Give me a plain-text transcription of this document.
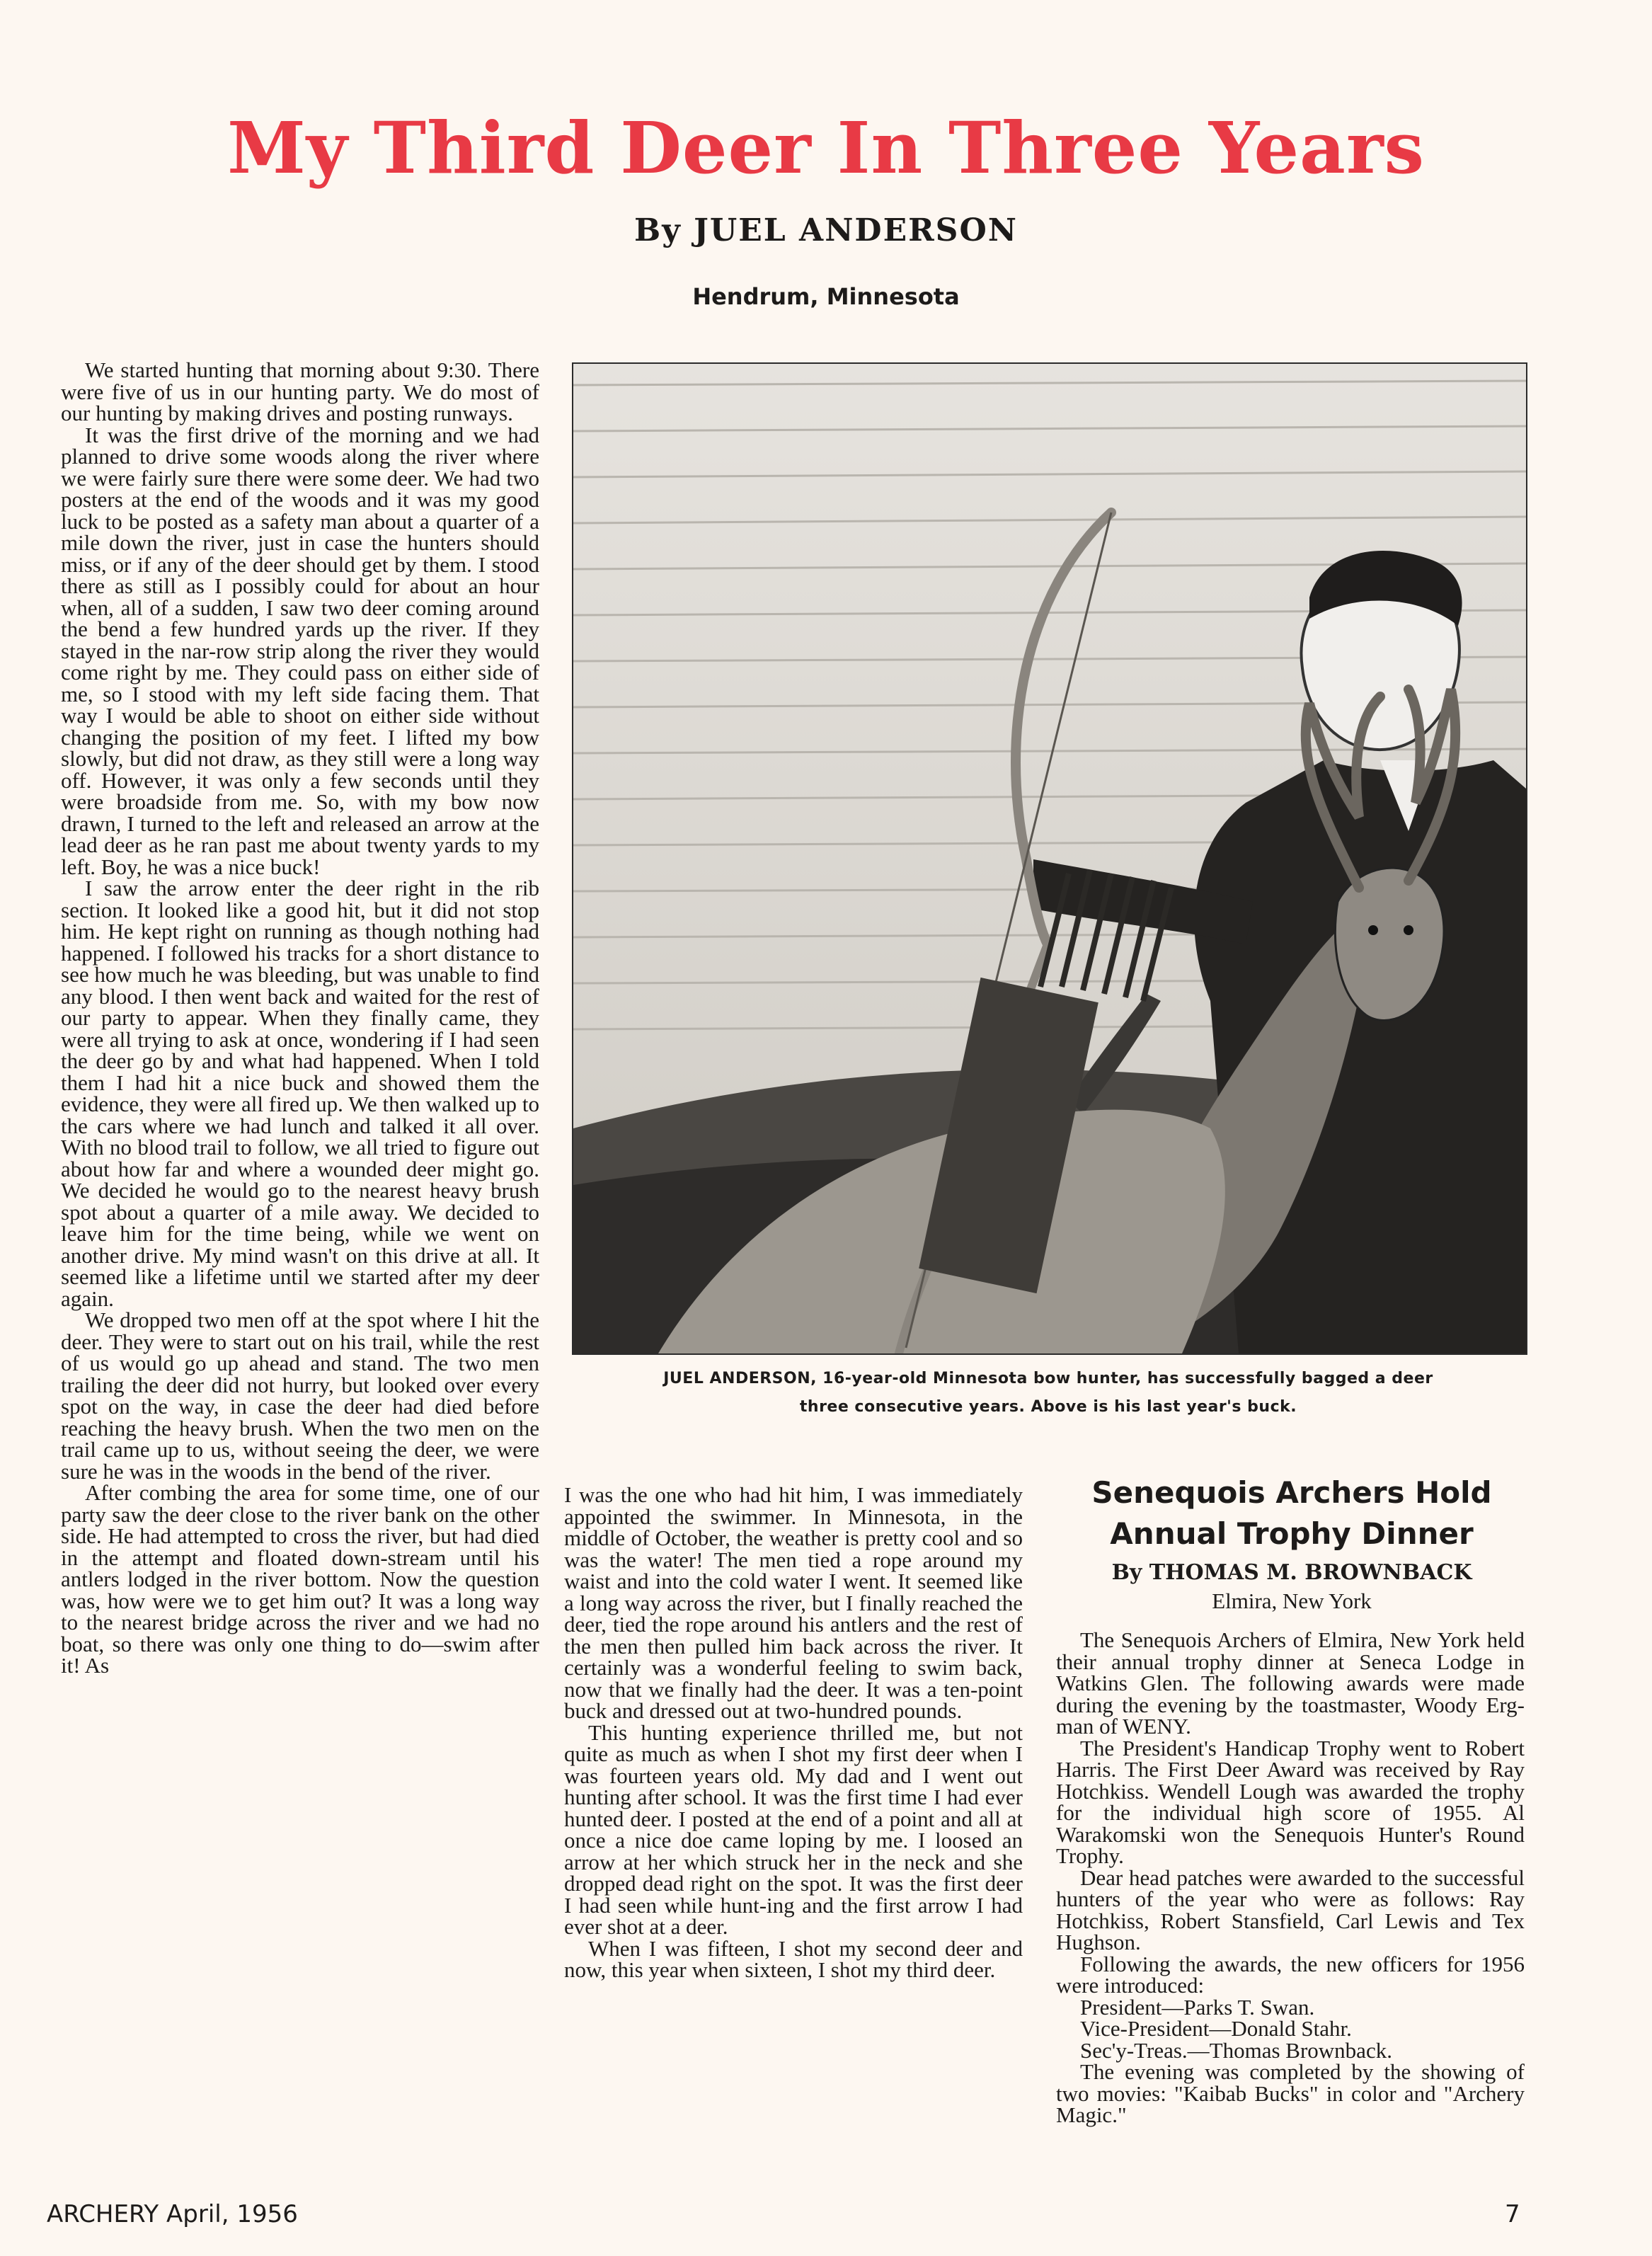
My Third Deer In Three Years
By JUEL ANDERSON
Hendrum, Minnesota

We started hunting that morning about 9:30. There were five of us in our hunting party. We do most of our hunting by making drives and posting runways.

It was the first drive of the morning and we had planned to drive some woods along the river where we were fairly sure there were some deer. We had two posters at the end of the woods and it was my good luck to be posted as a safety man about a quarter of a mile down the river, just in case the hunters should miss, or if any of the deer should get by them. I stood there as still as I possibly could for about an hour when, all of a sudden, I saw two deer coming around the bend a few hundred yards up the river. If they stayed in the nar-row strip along the river they would come right by me. They could pass on either side of me, so I stood with my left side facing them. That way I would be able to shoot on either side without changing the position of my feet. I lifted my bow slowly, but did not draw, as they still were a long way off. However, it was only a few seconds until they were broadside from me. So, with my bow now drawn, I turned to the left and released an arrow at the lead deer as he ran past me about twenty yards to my left. Boy, he was a nice buck!

I saw the arrow enter the deer right in the rib section. It looked like a good hit, but it did not stop him. He kept right on running as though nothing had happened. I followed his tracks for a short distance to see how much he was bleeding, but was unable to find any blood. I then went back and waited for the rest of our party to appear. When they finally came, they were all trying to ask at once, wondering if I had seen the deer go by and what had happened. When I told them I had hit a nice buck and showed them the evidence, they were all fired up. We then walked up to the cars where we had lunch and talked it all over. With no blood trail to follow, we all tried to figure out about how far and where a wounded deer might go. We decided he would go to the nearest heavy brush spot about a quarter of a mile away. We decided to leave him for the time being, while we went on another drive. My mind wasn't on this drive at all. It seemed like a lifetime until we started after my deer again.

We dropped two men off at the spot where I hit the deer. They were to start out on his trail, while the rest of us would go up ahead and stand. The two men trailing the deer did not hurry, but looked over every spot on the way, in case the deer had died before reaching the heavy brush. When the two men on the trail came up to us, without seeing the deer, we were sure he was in the woods in the bend of the river.

After combing the area for some time, one of our party saw the deer close to the river bank on the other side. He had attempted to cross the river, but had died in the attempt and floated down-stream until his antlers lodged in the river bottom. Now the question was, how were we to get him out? It was a long way to the nearest bridge across the river and we had no boat, so there was only one thing to do—swim after it! As

JUEL ANDERSON, 16-year-old Minnesota bow hunter, has successfully bagged a deer
three consecutive years. Above is his last year's buck.

I was the one who had hit him, I was immediately appointed the swimmer. In Minnesota, in the middle of October, the weather is pretty cool and so was the water! The men tied a rope around my waist and into the cold water I went. It seemed like a long way across the river, but I finally reached the deer, tied the rope around his antlers and the rest of the men then pulled him back across the river. It certainly was a wonderful feeling to swim back, now that we finally had the deer. It was a ten-point buck and dressed out at two-hundred pounds.

This hunting experience thrilled me, but not quite as much as when I shot my first deer when I was fourteen years old. My dad and I went out hunting after school. It was the first time I had ever hunted deer. I posted at the end of a point and all at once a nice doe came loping by me. I loosed an arrow at her which struck her in the neck and she dropped dead right on the spot. It was the first deer I had seen while hunt-ing and the first arrow I had ever shot at a deer.

When I was fifteen, I shot my second deer and now, this year when sixteen, I shot my third deer.

Senequois Archers Hold
Annual Trophy Dinner
By THOMAS M. BROWNBACK
Elmira, New York

The Senequois Archers of Elmira, New York held their annual trophy dinner at Seneca Lodge in Watkins Glen. The following awards were made during the evening by the toastmaster, Woody Erg-man of WENY.

The President's Handicap Trophy went to Robert Harris. The First Deer Award was received by Ray Hotchkiss. Wendell Lough was awarded the trophy for the individual high score of 1955. Al Warakomski won the Senequois Hunter's Round Trophy.

Dear head patches were awarded to the successful hunters of the year who were as follows: Ray Hotchkiss, Robert Stansfield, Carl Lewis and Tex Hughson.

Following the awards, the new officers for 1956 were introduced:

President—Parks T. Swan.

Vice-President—Donald Stahr.

Sec'y-Treas.—Thomas Brownback.

The evening was completed by the showing of two movies: "Kaibab Bucks" in color and "Archery Magic."

ARCHERY April, 1956	7
